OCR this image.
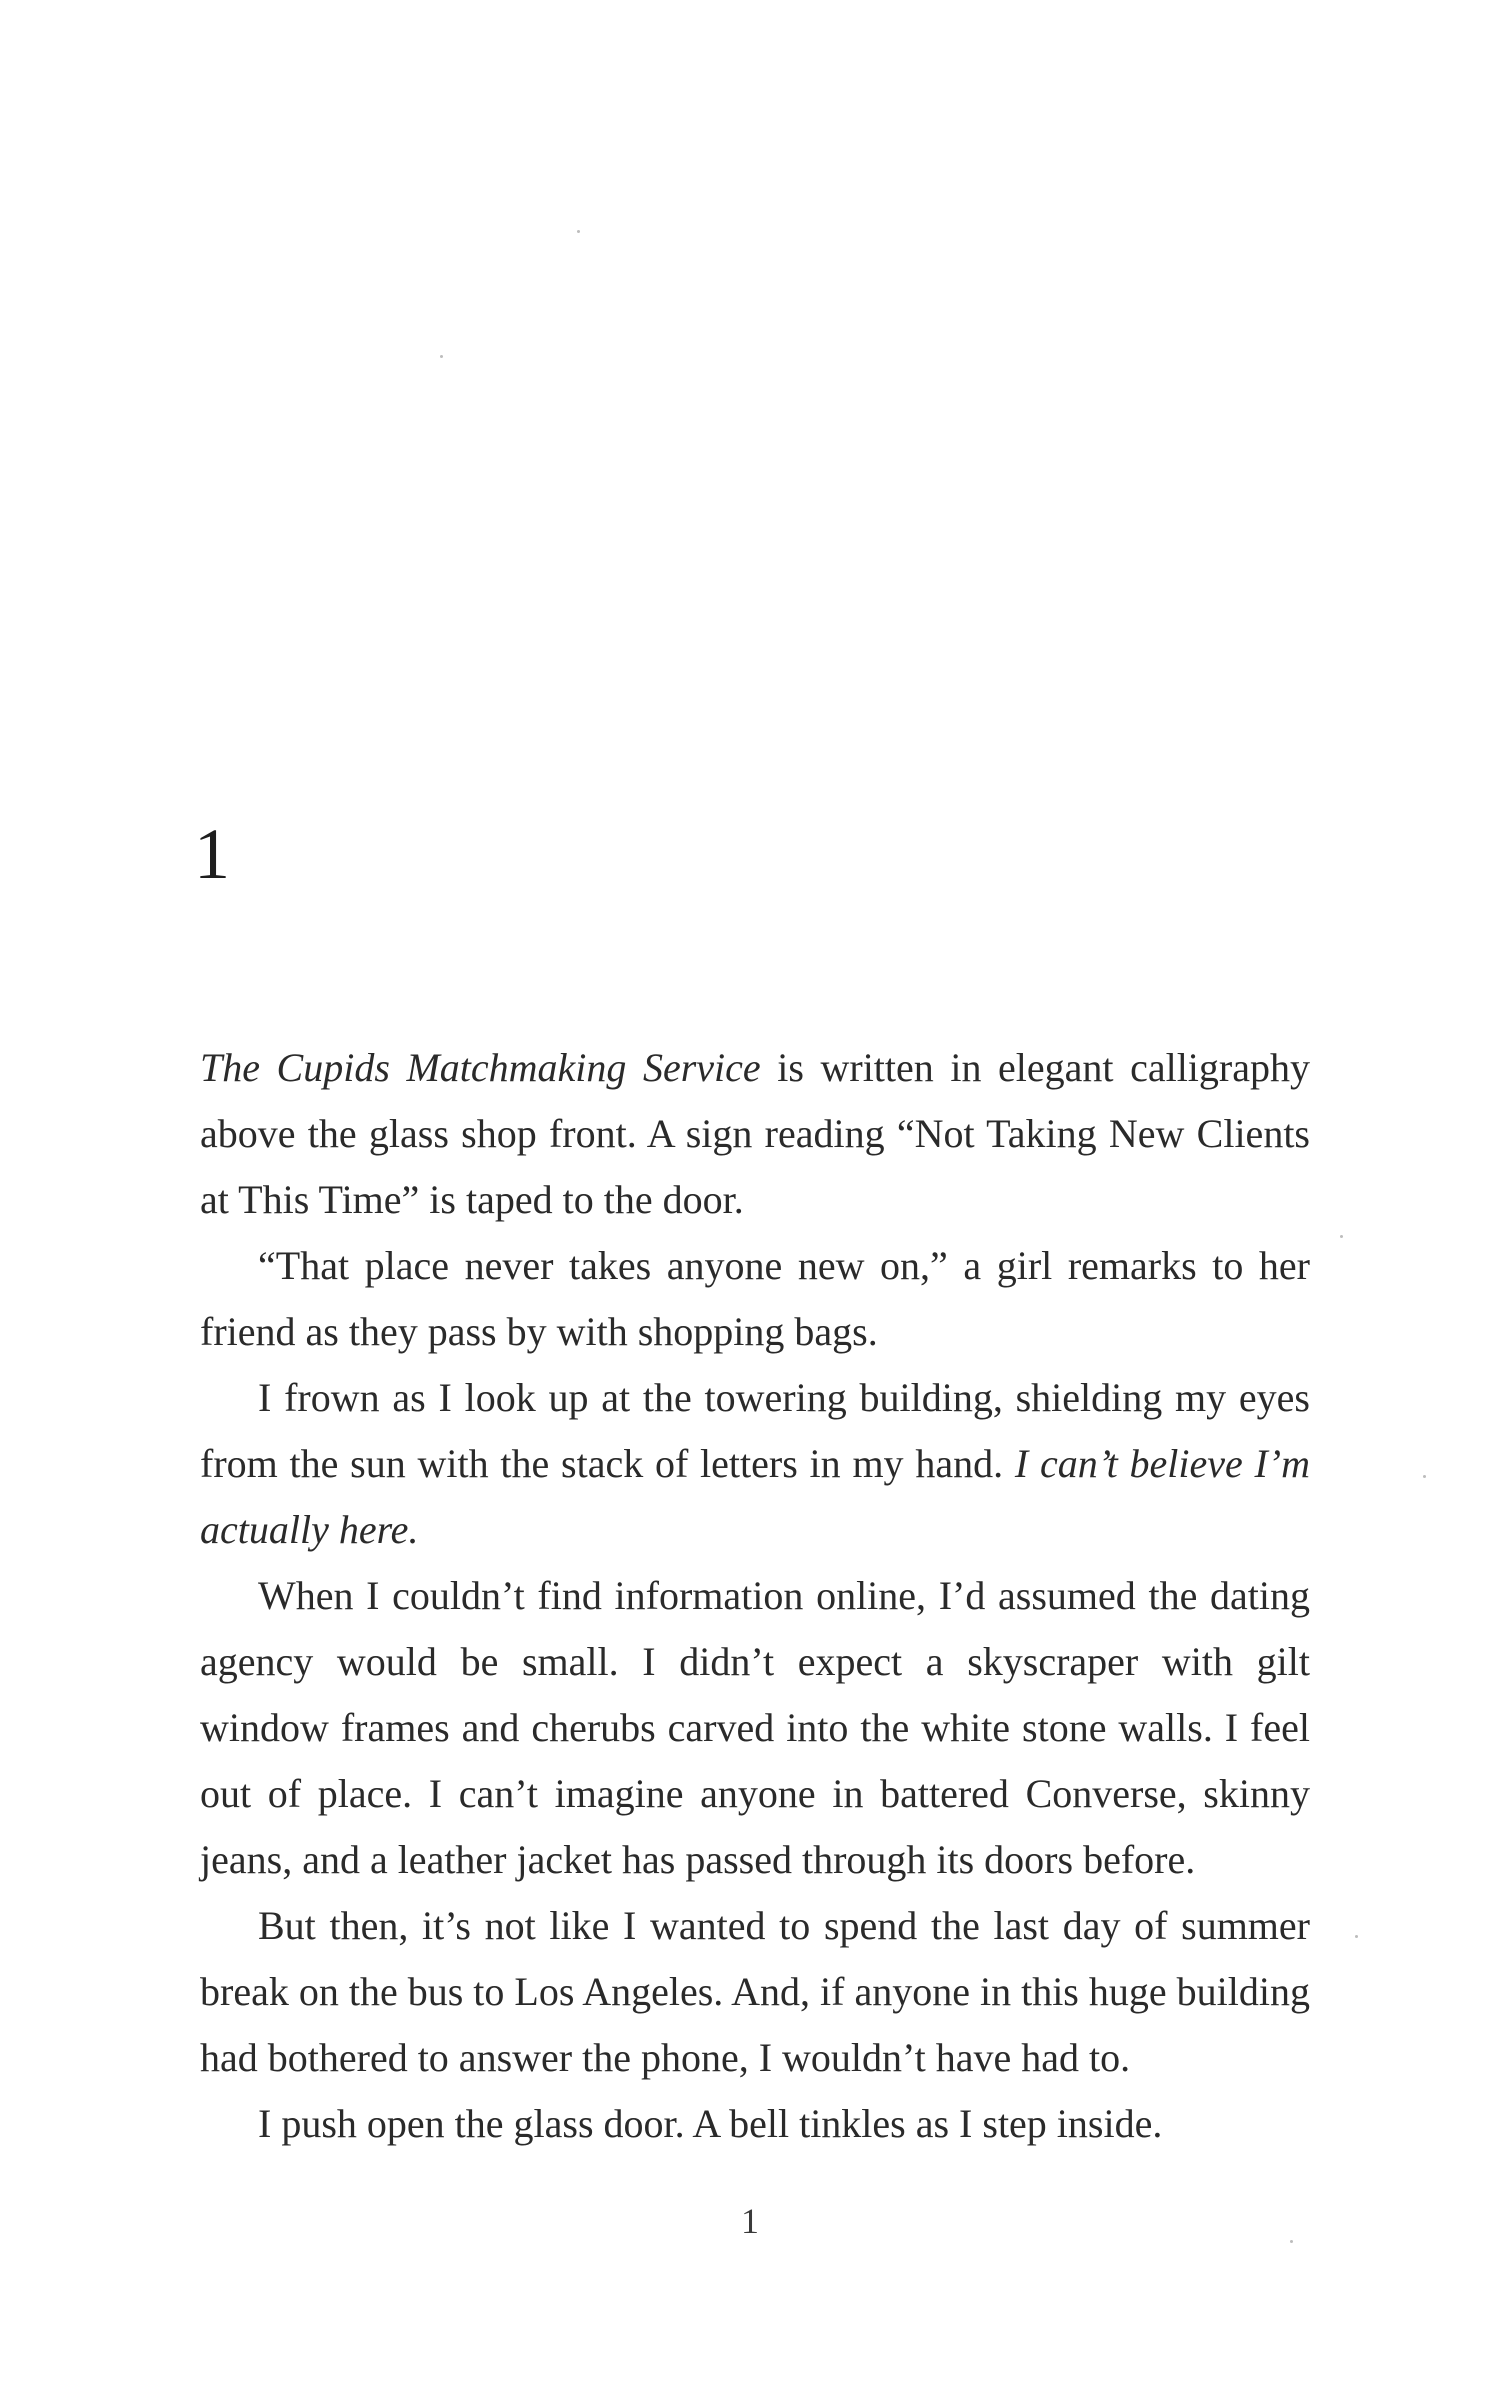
1

The Cupids Matchmaking Service is written in elegant calligraphy above the glass shop front. A sign reading “Not Taking New Clients at This Time” is taped to the door.

“That place never takes anyone new on,” a girl remarks to her friend as they pass by with shopping bags.

I frown as I look up at the towering building, shielding my eyes from the sun with the stack of letters in my hand. I can’t believe I’m actually here.

When I couldn’t find information online, I’d assumed the dating agency would be small. I didn’t expect a skyscraper with gilt window frames and cherubs carved into the white stone walls. I feel out of place. I can’t imagine anyone in battered Converse, skinny jeans, and a leather jacket has passed through its doors before.

But then, it’s not like I wanted to spend the last day of summer break on the bus to Los Angeles. And, if anyone in this huge building had bothered to answer the phone, I wouldn’t have had to.

I push open the glass door. A bell tinkles as I step inside.

1
